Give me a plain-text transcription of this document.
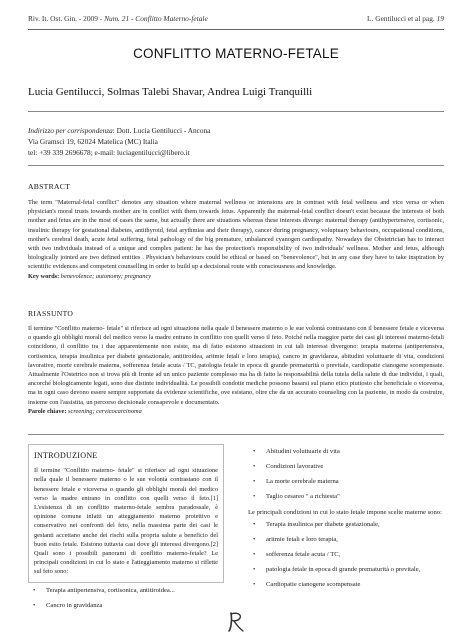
Riv. It. Ost. Gin. - 2009 - Num. 21 - Conflitto Materno-fetale	L. Gentilucci et al pag. 19
CONFLITTO MATERNO-FETALE
Lucia Gentilucci, Solmas Talebi Shavar, Andrea Luigi Tranquilli
Indirizzo per corrispondenza: Dott. Lucia Gentilucci - Ancona
Via Gramsci 19, 62024 Matelica (MC) Italia
tel: +39 339 2696678; e-mail: luciagentilucci@libero.it
ABSTRACT

The term "Maternal-fetal conflict" denotes any situation where maternal wellness or intensions are in contrast with fetal wellness and vice versa or when physician's moral trusts towards mother are in conflict with them towards fetus. Apparently the maternal-fetal conflict doesn't exist because the interests of both mother and fetus are in the most of cases the same, but actually there are situations whereas these interests diverge: maternal therapy (antihypertensive, cortisonic, insulinic therapy for gestational diabetes, antithyroid, fetal arythmias and their therapy), cancer during pregnancy, voluptuary behaviours, occupational conditions, mother's cerebral death, acute fetal suffering, fetal pathology of the big premature, unbalanced cyanogen cardiopathy. Nowadays the Obstetrician has to interact with two individuals instead of a unique and complex patient: he has the protection's responsibility of two individuals' wellness. Mother and fetus, although biologically jointed are two defined entities . Physician's behaviours could be ethical or based on "benevolence", but in any case they have to take inspiration by scientific evidences and competent counselling in order to build up a decisional route with consciousness and knowledge.
Key words: benevolence; autonomy; pregnancy

RIASSUNTO

Il termine "Conflitto materno- fetale" si riferisce ad ogni situazione nella quale il benessere materno o le sue volontà contrastano con il benessere fetale e viceversa o quando gli obblighi morali del medico verso la madre entrano in conflitto con quelli verso il feto. Poiché nella maggior parte dei casi gli interessi materno-fetali coincidono, il conflitto tra i due apparentemente non esiste, ma di fatto esistono situazioni in cui tali interessi divergono: terapia materna (antipertensiva, cortisonica, terapia insulinica per diabete gestazionale, antitiroidea, aritmie fetali e loro terapia), cancro in gravidanza, abitudini voluttuarie di vita, condizioni lavorative, morte cerebrale materna, sofferenza fetale acuta / TC, patologia fetale in epoca di grande prematurità o previtale, cardiopatie cianogene scompensate. Attualmente l'Ostetrico non si trova più di fronte ad un unico paziente complesso ma ha di fatto la responsabilità della tutela della salute di due individui, i quali, ancorché biologicamente legati, sono due distinte individualità. Le possibili condotte mediche possono basarsi sul piano etico piuttosto che beneficiale o viceversa, ma in ogni caso devono essere sempre supportate da evidenze scientifiche, ove esistano, oltre che da un accurato counseling con la paziente, in modo da costruire, insieme con l'assistita, un percorso decisionale consapevole e documentato.
Parole chiave: screening; cervicocarcinoma

INTRODUZIONE

Il termine "Conflitto materno- fetale" si riferisce ad ogni situazione nella quale il benessere materno o le sue volontà contrastano con il benessere fetale e viceversa o quando gli obblighi morali del medico verso la madre entrano in conflitto con quelli verso il feto.[1] L'esistenza di un conflitto materno-fetale sembra paradossale, è opinione comune infatti un atteggiamento materno protettivo e conservativo nei confronti del feto, nella massima parte dei casi le gestanti accettano anche dei rischi sulla propria salute a beneficio del buon esito fetale. Esistono tuttavia casi dove gli interessi divergono.[2] Quali sono i possibili panorami di conflitto materno-fetale? Le principali condizioni in cui lo stato e l'atteggiamento materno si riflette sul feto sono:

• Terapia antipertensiva, cortisonica, antitiroidea...
• Cancro in gravidanza
• Abitudini voluttuarie di vita
• Condizioni lavorative
• La morte cerebrale materna
• Taglio cesareo " a richiesta"

Le principali condizioni in cui lo stato fetale impone scelte materne sono:

• Terapia insulinica per diabete gestazionale,
• aritmie fetali e loro terapia,
• sofferenza fetale acuta / TC,
• patologia fetale in epoca di grande prematurità o previtale,
• Cardiopatie cianogene scompensate
